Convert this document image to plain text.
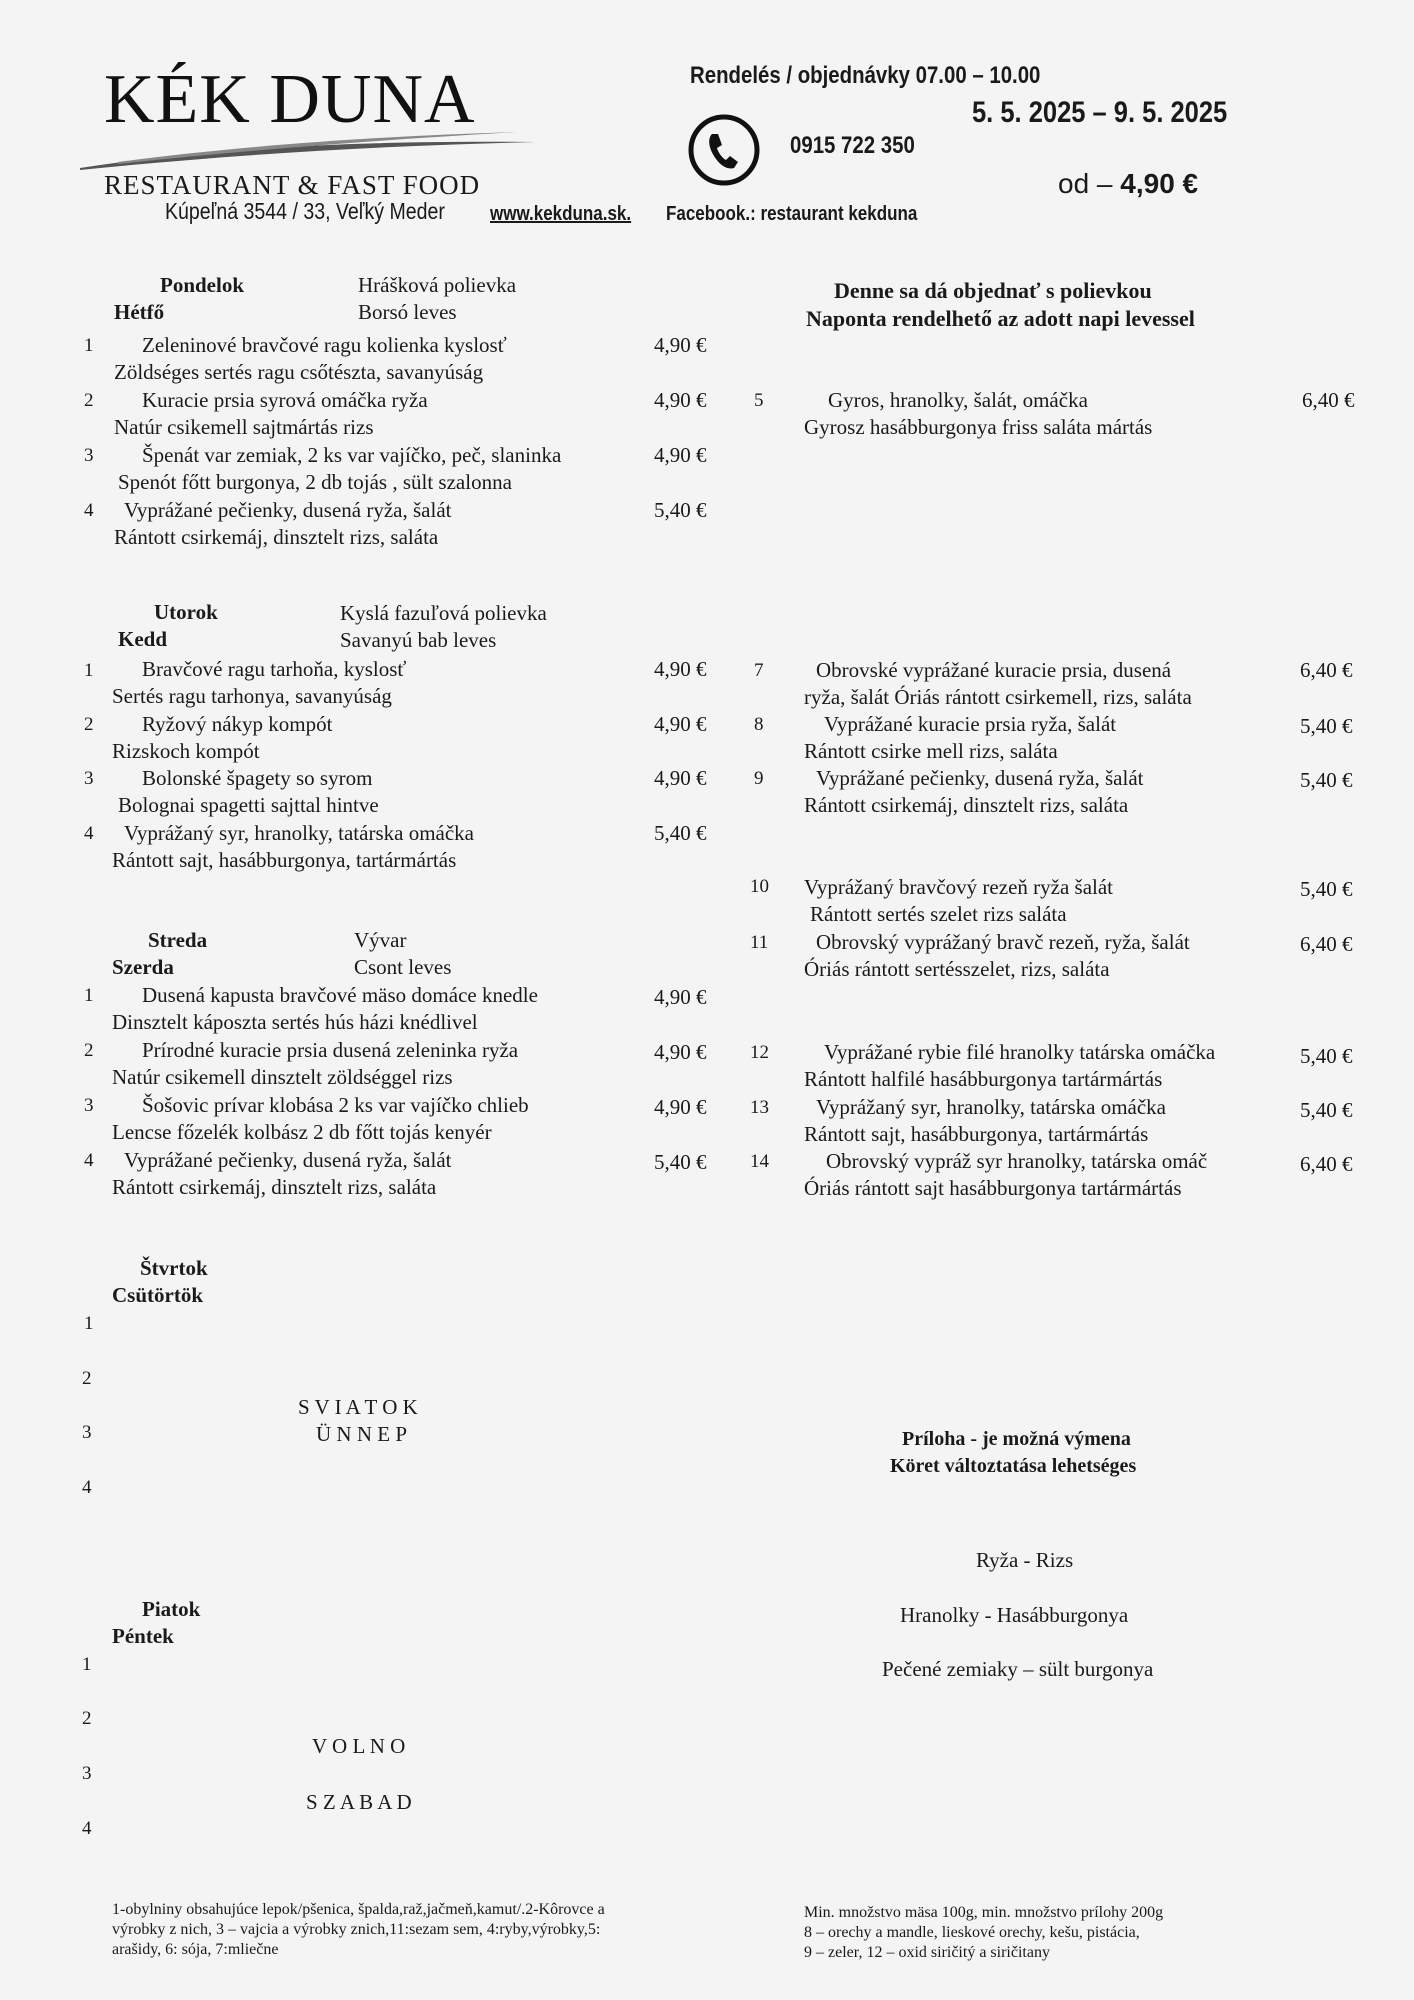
KÉK DUNA
RESTAURANT & FAST FOOD
Kúpeľná 3544 / 33, Veľký Meder www.kekduna.sk. Facebook.: restaurant kekduna
Rendelés / objednávky 07.00 – 10.00
5. 5. 2025 – 9. 5. 2025
0915 722 350
od – 4,90 €
Denne sa dá objednať s polievkou
Naponta rendelhető az adott napi levessel
Pondelok
Hétfő
Hrášková polievka
Borsó leves
1 Zeleninové bravčové ragu kolienka kyslosť	4,90 €
Zöldséges sertés ragu csőtészta, savanyúság
2 Kuracie prsia syrová omáčka ryža	4,90 €
Natúr csikemell sajtmártás rizs
3 Špenát var zemiak, 2 ks var vajíčko, peč, slaninka	4,90 €
Spenót főtt burgonya, 2 db tojás , sült szalonna
4 Vyprážané pečienky, dusená ryža, šalát	5,40 €
Rántott csirkemáj, dinsztelt rizs, saláta
5	Gyros, hranolky, šalát, omáčka	6,40 €
Gyrosz hasábburgonya friss saláta mártás
7	Obrovské vyprážané kuracie prsia, dusená	6,40 €
ryža, šalát Óriás rántott csirkemell, rizs, saláta
8	Vyprážané kuracie prsia ryža, šalát	5,40 €
Rántott csirke mell rizs, saláta
9	Vyprážané pečienky, dusená ryža, šalát	5,40 €
Rántott csirkemáj, dinsztelt rizs, saláta
10 Vyprážaný bravčový rezeň ryža šalát	5,40 €
Rántott sertés szelet rizs saláta
11 Obrovský vyprážaný bravč rezeň, ryža, šalát	6,40 €
Óriás rántott sertésszelet, rizs, saláta
12	Vyprážané rybie filé hranolky tatárska omáčka	5,40 €
Rántott halfilé hasábburgonya tartármártás
13 Vyprážaný syr, hranolky, tatárska omáčka	5,40 €
Rántott sajt, hasábburgonya, tartármártás
14	Obrovský vypráž syr hranolky, tatárska omáč	6,40 €
Óriás rántott sajt hasábburgonya tartármártás
Utorok
Kedd
Kyslá fazuľová polievka
Savanyú bab leves
1 Bravčové ragu tarhoňa, kyslosť	4,90 €
Sertés ragu tarhonya, savanyúság
2 Ryžový nákyp kompót	4,90 €
Rizskoch kompót
3 Bolonské špagety so syrom	4,90 €
Bolognai spagetti sajttal hintve
4 Vyprážaný syr, hranolky, tatárska omáčka	5,40 €
Rántott sajt, hasábburgonya, tartármártás
Streda
Szerda
Vývar
Csont leves
1 Dusená kapusta bravčové mäso domáce knedle	4,90 €
Dinsztelt káposzta sertés hús házi knédlivel
2 Prírodné kuracie prsia dusená zeleninka ryža	4,90 €
Natúr csikemell dinsztelt zöldséggel rizs
3 Šošovic prívar klobása 2 ks var vajíčko chlieb	4,90 €
Lencse főzelék kolbász 2 db főtt tojás kenyér
4 Vyprážané pečienky, dusená ryža, šalát	5,40 €
Rántott csirkemáj, dinsztelt rizs, saláta
Štvrtok
Csütörtök
1
2
3
4
S V I A T O K
Ü N N E P
Piatok
Péntek
1
2
3
4
V O L N O
S Z A B A D
Príloha - je možná výmena
Köret változtatása lehetséges
Ryža - Rizs
Hranolky - Hasábburgonya
Pečené zemiaky – sült burgonya
1-obylniny obsahujúce lepok/pšenica, špalda,raž,jačmeň,kamut/.2-Kôrovce a výrobky z nich, 3 – vajcia a výrobky znich,11:sezam sem, 4:ryby,výrobky,5: arašidy, 6: sója, 7:mliečne
Min. množstvo mäsa 100g, min. množstvo prílohy 200g
8 – orechy a mandle, lieskové orechy, kešu, pistácia,
9 – zeler, 12 – oxid siričitý a siričitany
